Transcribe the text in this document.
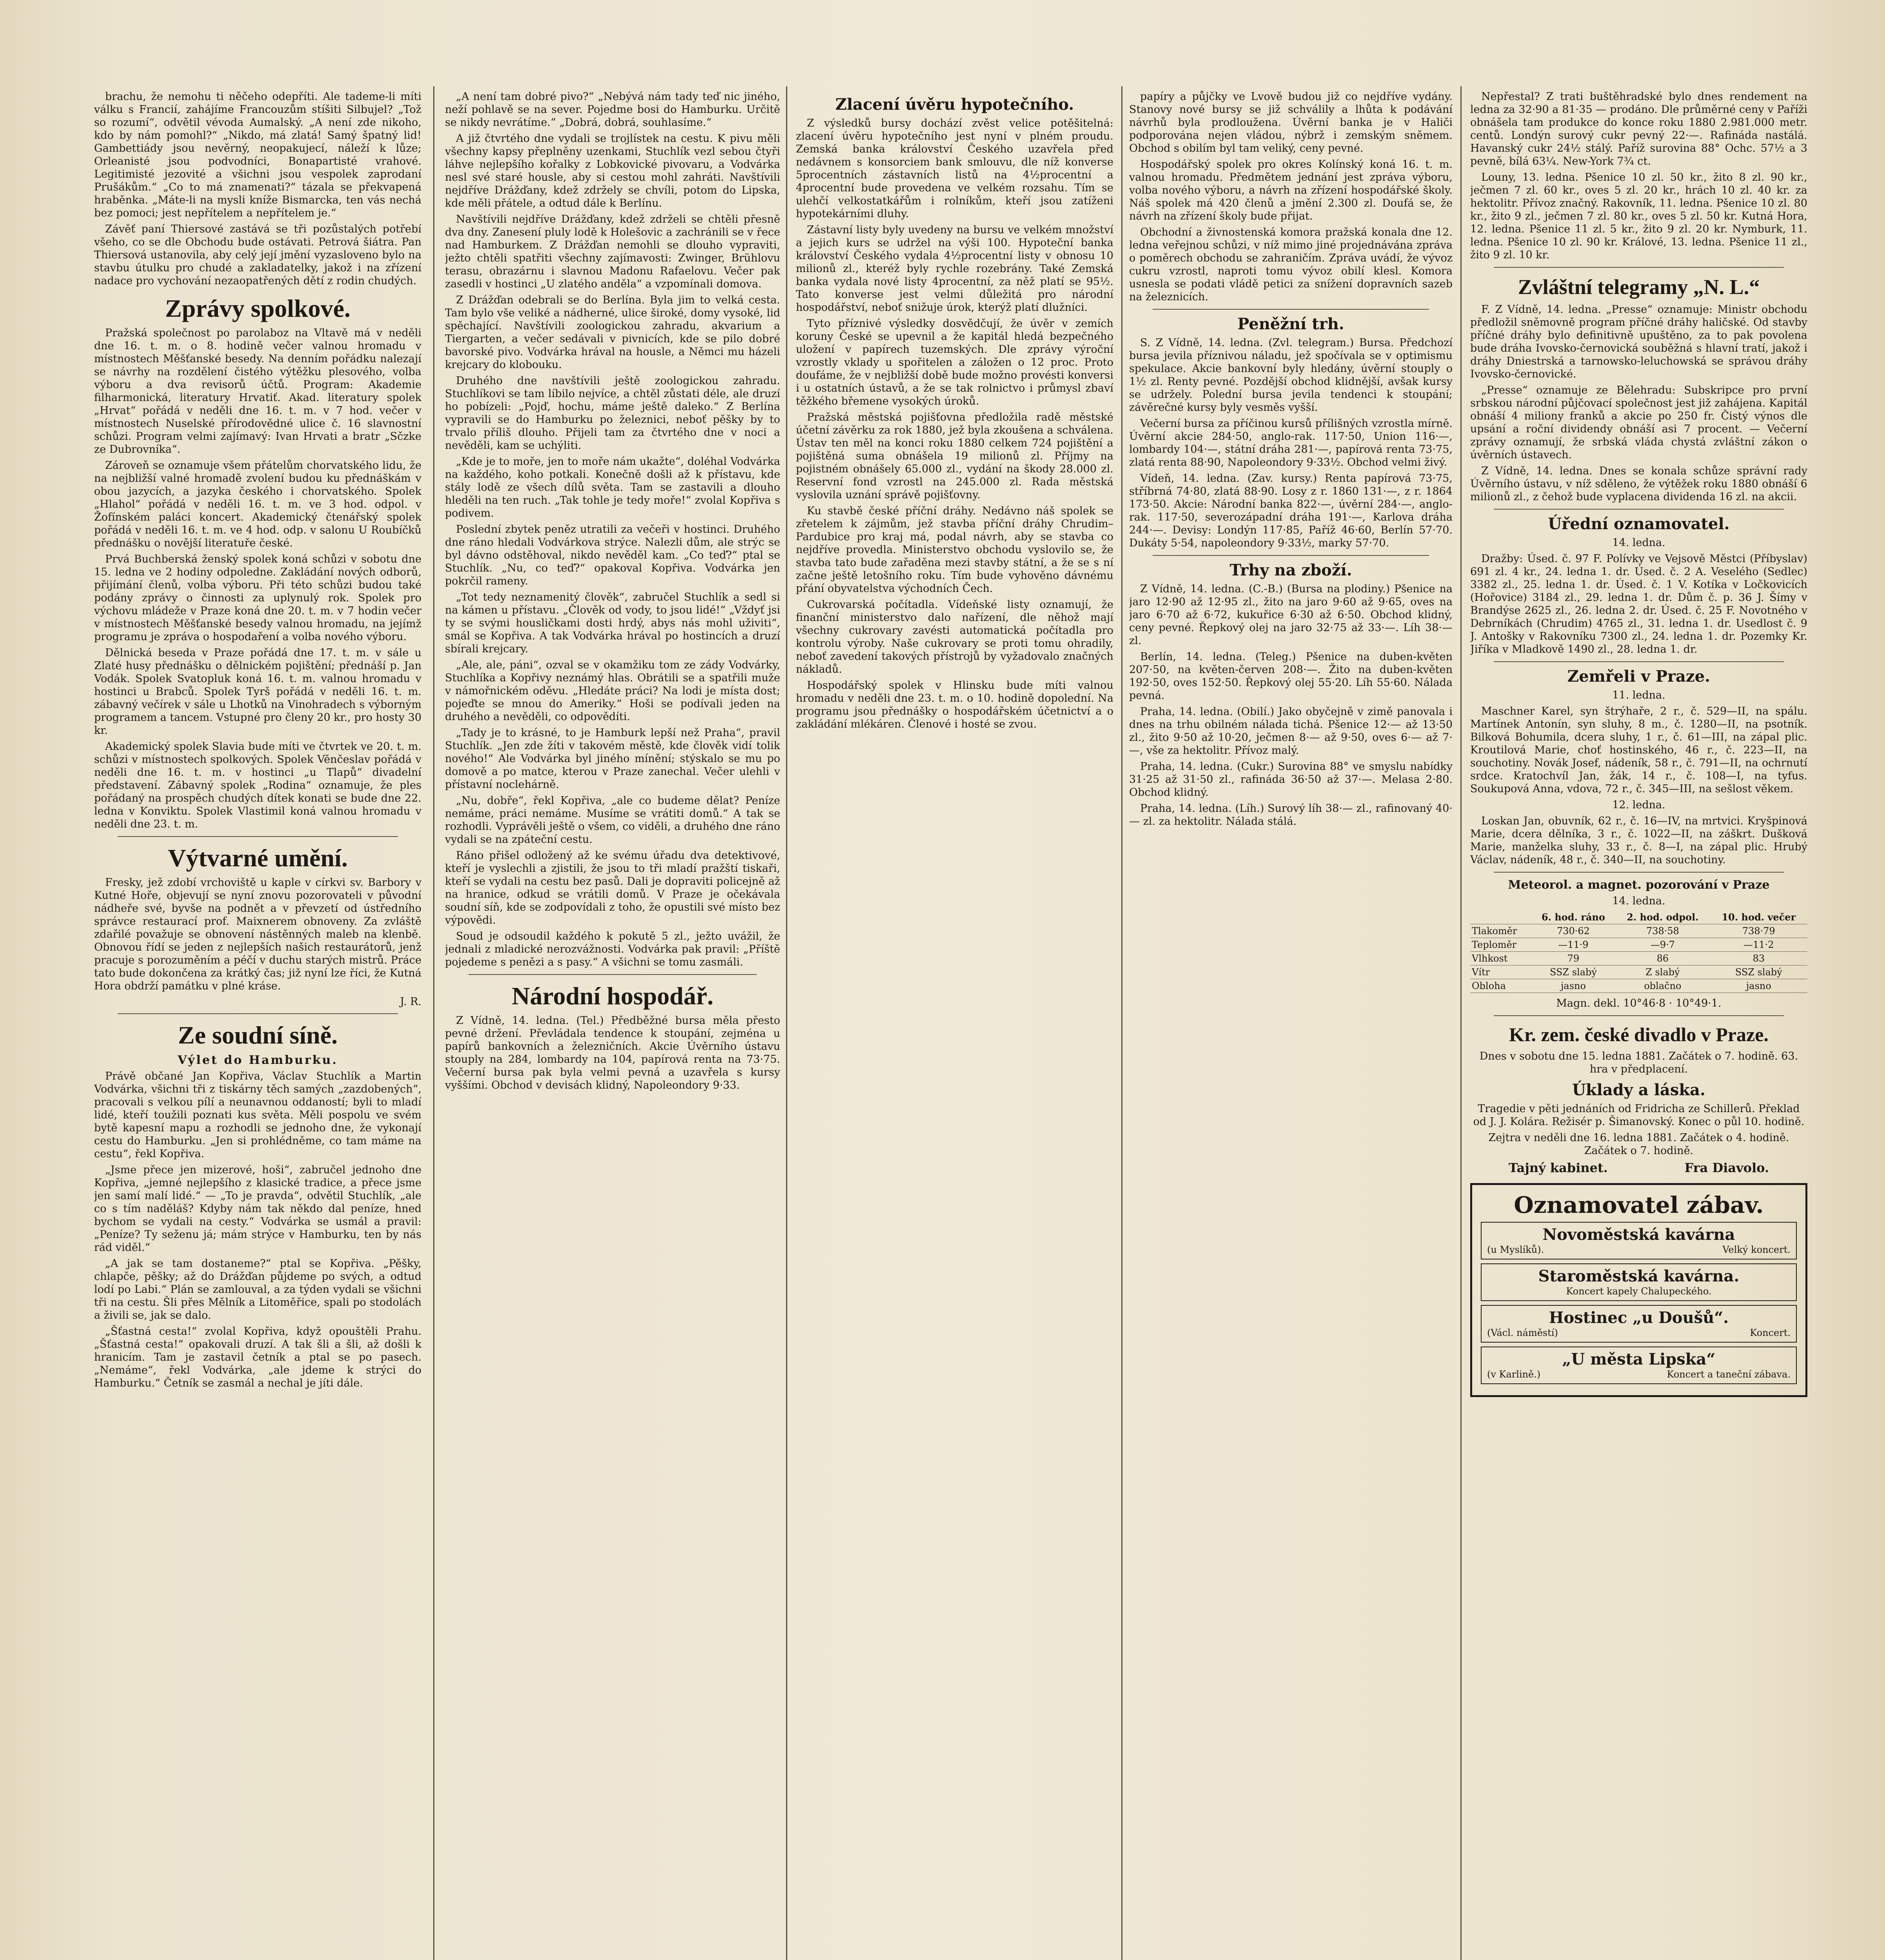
brachu, že nemohu ti něčeho odepříti. Ale tademe-li míti válku s Francií, zahájíme Francouzům stíšiti Silbujel? „Tož so rozumí“, odvětil vévoda Aumalský. „A není zde nikoho, kdo by nám pomohl?“ „Nikdo, má zlatá! Samý špatný lid! Gambettiády jsou nevěrný, neopakujecí, náleží k lůze; Orleanisté jsou podvodníci, Bonapartisté vrahové. Legitimisté jezovité a všichni jsou vespolek zaprodaní Prušákům.“ „Co to má znamenati?“ tázala se překvapená hraběnka. „Máte-li na mysli kníže Bismarcka, ten vás nechá bez pomoci; jest nepřítelem a nepřítelem je.“

Závěť paní Thiersové zastává se tři pozůstalých potřebí všeho, co se dle Obchodu bude ostávati. Petrová šiátra. Pan Thiersová ustanovila, aby celý její jmění vyzasloveno bylo na stavbu útulku pro chudé a zakladatelky, jakož i na zřízení nadace pro vychování nezaopatřených dětí z rodin chudých.

Zprávy spolkové.

Pražská společnost po parolaboz na Vltavě má v neděli dne 16. t. m. o 8. hodině večer valnou hromadu v místnostech Měšťanské besedy. Na denním pořádku nalezají se návrhy na rozdělení čistého výtěžku plesového, volba výboru a dva revisorů účtů. Program: Akademie filharmonická, literatury Hrvatiť. Akad. literatury spolek „Hrvat“ pořádá v neděli dne 16. t. m. v 7 hod. večer v místnostech Nuselské přírodovědné ulice č. 16 slavnostní schůzi. Program velmi zajímavý: Ivan Hrvati a bratr „Sčzke ze Dubrovníka“.

Zároveň se oznamuje všem přátelům chorvatského lidu, že na nejbližší valné hromadě zvolení budou ku přednáškám v obou jazycích, a jazyka českého i chorvatského. Spolek „Hlahol“ pořádá v neděli 16. t. m. ve 3 hod. odpol. v Žofínském paláci koncert. Akademický čtenářský spolek pořádá v neděli 16. t. m. ve 4 hod. odp. v salonu U Roubíčků přednášku o novější literatuře české.

Prvá Buchberská ženský spolek koná schůzi v sobotu dne 15. ledna ve 2 hodiny odpoledne. Zakládání nových odborů, přijímání členů, volba výboru. Při této schůzi budou také podány zprávy o činnosti za uplynulý rok. Spolek pro výchovu mládeže v Praze koná dne 20. t. m. v 7 hodin večer v místnostech Měšťanské besedy valnou hromadu, na jejímž programu je zpráva o hospodaření a volba nového výboru.

Dělnická beseda v Praze pořádá dne 17. t. m. v sále u Zlaté husy přednášku o dělnickém pojištění; přednáší p. Jan Vodák. Spolek Svatopluk koná 16. t. m. valnou hromadu v hostinci u Brabců. Spolek Tyrš pořádá v neděli 16. t. m. zábavný večírek v sále u Lhotků na Vinohradech s výborným programem a tancem. Vstupné pro členy 20 kr., pro hosty 30 kr.

Akademický spolek Slavia bude míti ve čtvrtek ve 20. t. m. schůzi v místnostech spolkových. Spolek Věnčeslav pořádá v neděli dne 16. t. m. v hostinci „u Tlapů“ divadelní představení. Zábavný spolek „Rodina“ oznamuje, že ples pořádaný na prospěch chudých dítek konati se bude dne 22. ledna v Konviktu. Spolek Vlastimil koná valnou hromadu v neděli dne 23. t. m.

Výtvarné umění.

Fresky, jež zdobí vrchoviště u kaple v církvi sv. Barbory v Kutné Hoře, objevují se nyní znovu pozorovateli v původní nádheře své, byvše na podnět a v převzetí od ústředního správce restaurací prof. Maixnerem obnoveny. Za zvláště zdařilé považuje se obnovení nástěnných maleb na klenbě. Obnovou řídí se jeden z nejlepších našich restaurátorů, jenž pracuje s porozuměním a péčí v duchu starých mistrů. Práce tato bude dokončena za krátký čas; již nyní lze říci, že Kutná Hora obdrží památku v plné kráse.

J. R.
Ze soudní síně.
Výlet do Hamburku.

Právě občané Jan Kopřiva, Václav Stuchlík a Martin Vodvárka, všichni tři z tiskárny těch samých „zazdobených“, pracovali s velkou pílí a neunavnou oddaností; byli to mladí lidé, kteří toužili poznati kus světa. Měli pospolu ve svém bytě kapesní mapu a rozhodli se jednoho dne, že vykonají cestu do Hamburku. „Jen si prohlédněme, co tam máme na cestu“, řekl Kopřiva.

„Jsme přece jen mizerové, hoši“, zabručel jednoho dne Kopřiva, „jemné nejlepšího z klasické tradice, a přece jsme jen samí malí lidé.“ — „To je pravda“, odvětil Stuchlík, „ale co s tím naděláš? Kdyby nám tak někdo dal peníze, hned bychom se vydali na cesty.“ Vodvárka se usmál a pravil: „Peníze? Ty seženu já; mám strýce v Hamburku, ten by nás rád viděl.“

„A jak se tam dostaneme?“ ptal se Kopřiva. „Pěšky, chlapče, pěšky; až do Drážďan půjdeme po svých, a odtud lodí po Labi.“ Plán se zamlouval, a za týden vydali se všichni tři na cestu. Šli přes Mělník a Litoměřice, spali po stodolách a živili se, jak se dalo.

„Šťastná cesta!“ zvolal Kopřiva, když opouštěli Prahu. „Šťastná cesta!“ opakovali druzí. A tak šli a šli, až došli k hranicím. Tam je zastavil četník a ptal se po pasech. „Nemáme“, řekl Vodvárka, „ale jdeme k strýci do Hamburku.“ Četník se zasmál a nechal je jíti dále.

„A není tam dobré pivo?“ „Nebývá nám tady teď nic jiného, neží pohlavě se na sever. Pojedme bosi do Hamburku. Určitě se nikdy nevrátíme.“ „Dobrá, dobrá, souhlasíme.“

A již čtvrtého dne vydali se trojlístek na cestu. K pivu měli všechny kapsy přeplněny uzenkami, Stuchlík vezl sebou čtyři láhve nejlepšího kořalky z Lobkovické pivovaru, a Vodvárka nesl své staré housle, aby si cestou mohl zahráti. Navštívili nejdříve Drážďany, kdež zdržely se chvíli, potom do Lipska, kde měli přátele, a odtud dále k Berlínu.

Navštívili nejdříve Drážďany, kdež zdrželi se chtěli přesně dva dny. Zanesení pluly lodě k Holešovic a zachránili se v řece nad Hamburkem. Z Drážďan nemohli se dlouho vypraviti, ježto chtěli spatřiti všechny zajímavosti: Zwinger, Brühlovu terasu, obrazárnu i slavnou Madonu Rafaelovu. Večer pak zasedli v hostinci „U zlatého anděla“ a vzpomínali domova.

Z Drážďan odebrali se do Berlína. Byla jim to velká cesta. Tam bylo vše veliké a nádherné, ulice široké, domy vysoké, lid spěchající. Navštívili zoologickou zahradu, akvarium a Tiergarten, a večer sedávali v pivnicích, kde se pilo dobré bavorské pivo. Vodvárka hrával na housle, a Němci mu házeli krejcary do klobouku.

Druhého dne navštívili ještě zoologickou zahradu. Stuchlíkovi se tam líbilo nejvíce, a chtěl zůstati déle, ale druzí ho pobízeli: „Pojď, hochu, máme ještě daleko.“ Z Berlína vypravili se do Hamburku po železnici, neboť pěšky by to trvalo příliš dlouho. Přijeli tam za čtvrtého dne v noci a nevěděli, kam se uchýliti.

„Kde je to moře, jen to moře nám ukažte“, doléhal Vodvárka na každého, koho potkali. Konečně došli až k přístavu, kde stály lodě ze všech dílů světa. Tam se zastavili a dlouho hleděli na ten ruch. „Tak tohle je tedy moře!“ zvolal Kopřiva s podivem.

Poslední zbytek peněz utratili za večeři v hostinci. Druhého dne ráno hledali Vodvárkova strýce. Nalezli dům, ale strýc se byl dávno odstěhoval, nikdo nevěděl kam. „Co teď?“ ptal se Stuchlík. „Nu, co teď?“ opakoval Kopřiva. Vodvárka jen pokrčil rameny.

„Tot tedy neznamenitý člověk“, zabručel Stuchlík a sedl si na kámen u přístavu. „Člověk od vody, to jsou lidé!“ „Vždyť jsi ty se svými housličkami dosti hrdý, abys nás mohl uživiti“, smál se Kopřiva. A tak Vodvárka hrával po hostincích a druzí sbírali krejcary.

„Ale, ale, páni“, ozval se v okamžiku tom ze zády Vodvárky, Stuchlíka a Kopřivy neznámý hlas. Obrátili se a spatřili muže v námořnickém oděvu. „Hledáte práci? Na lodi je místa dost; pojeďte se mnou do Ameriky.“ Hoši se podívali jeden na druhého a nevěděli, co odpovědíti.

„Tady je to krásné, to je Hamburk lepší než Praha“, pravil Stuchlík. „Jen zde žíti v takovém městě, kde člověk vidí tolik nového!“ Ale Vodvárka byl jiného mínění; stýskalo se mu po domově a po matce, kterou v Praze zanechal. Večer ulehli v přístavní noclehárně.

„Nu, dobře“, řekl Kopřiva, „ale co budeme dělat? Peníze nemáme, práci nemáme. Musíme se vrátiti domů.“ A tak se rozhodli. Vyprávěli ještě o všem, co viděli, a druhého dne ráno vydali se na zpáteční cestu.

Ráno přišel odložený až ke svému úřadu dva detektivové, kteří je vyslechli a zjistili, že jsou to tři mladí pražští tiskaři, kteří se vydali na cestu bez pasů. Dali je dopraviti policejně až na hranice, odkud se vrátili domů. V Praze je očekávala soudní síň, kde se zodpovídali z toho, že opustili své místo bez výpovědi.

Soud je odsoudil každého k pokutě 5 zl., ježto uvážil, že jednali z mladické nerozvážnosti. Vodvárka pak pravil: „Příště pojedeme s penězi a s pasy.“ A všichni se tomu zasmáli.

Národní hospodář.

Z Vídně, 14. ledna. (Tel.) Předběžné bursa měla přesto pevné držení. Převládala tendence k stoupání, zejména u papírů bankovních a železničních. Akcie Úvěrního ústavu stouply na 284, lombardy na 104, papírová renta na 73·75. Večerní bursa pak byla velmi pevná a uzavřela s kursy vyššími. Obchod v devisách klidný, Napoleondory 9·33.

Zlacení úvěru hypotečního.

Z výsledků bursy dochází zvěst velice potěšitelná: zlacení úvěru hypotečního jest nyní v plném proudu. Zemská banka království Českého uzavřela před nedávnem s konsorciem bank smlouvu, dle níž konverse 5procentních zástavních listů na 4½procentní a 4procentní bude provedena ve velkém rozsahu. Tím se ulehčí velkostatkářům i rolníkům, kteří jsou zatíženi hypotekárními dluhy.

Zástavní listy byly uvedeny na bursu ve velkém množství a jejich kurs se udržel na výši 100. Hypoteční banka království Českého vydala 4½procentní listy v obnosu 10 milionů zl., kteréž byly rychle rozebrány. Také Zemská banka vydala nové listy 4procentní, za něž platí se 95½. Tato konverse jest velmi důležitá pro národní hospodářství, neboť snižuje úrok, kterýž platí dlužníci.

Tyto příznivé výsledky dosvědčují, že úvěr v zemích koruny České se upevnil a že kapitál hledá bezpečného uložení v papírech tuzemských. Dle zprávy výroční vzrostly vklady u spořitelen a záložen o 12 proc. Proto doufáme, že v nejbližší době bude možno provésti konversi i u ostatních ústavů, a že se tak rolnictvo i průmysl zbaví těžkého břemene vysokých úroků.

Pražská městská pojišťovna předložila radě městské účetní závěrku za rok 1880, jež byla zkoušena a schválena. Ústav ten měl na konci roku 1880 celkem 724 pojištění a pojištěná suma obnášela 19 milionů zl. Příjmy na pojistném obnášely 65.000 zl., vydání na škody 28.000 zl. Reservní fond vzrostl na 245.000 zl. Rada městská vyslovila uznání správě pojišťovny.

Ku stavbě české příční dráhy. Nedávno náš spolek se zřetelem k zájmům, jež stavba příční dráhy Chrudim–Pardubice pro kraj má, podal návrh, aby se stavba co nejdříve provedla. Ministerstvo obchodu vyslovilo se, že stavba tato bude zařaděna mezi stavby státní, a že se s ní začne ještě letošního roku. Tím bude vyhověno dávnému přání obyvatelstva východních Čech.

Cukrovarská počítadla. Vídeňské listy oznamují, že finanční ministerstvo dalo nařízení, dle něhož mají všechny cukrovary zavésti automatická počítadla pro kontrolu výroby. Naše cukrovary se proti tomu ohradily, neboť zavedení takových přístrojů by vyžadovalo značných nákladů.

Hospodářský spolek v Hlinsku bude míti valnou hromadu v neděli dne 23. t. m. o 10. hodině dopolední. Na programu jsou přednášky o hospodářském účetnictví a o zakládání mlékáren. Členové i hosté se zvou.

papíry a půjčky ve Lvově budou již co nejdříve vydány. Stanovy nové bursy se již schválily a lhůta k podávání návrhů byla prodloužena. Úvěrní banka je v Haliči podporována nejen vládou, nýbrž i zemským sněmem. Obchod s obilím byl tam veliký, ceny pevné.

Hospodářský spolek pro okres Kolínský koná 16. t. m. valnou hromadu. Předmětem jednání jest zpráva výboru, volba nového výboru, a návrh na zřízení hospodářské školy. Náš spolek má 420 členů a jmění 2.300 zl. Doufá se, že návrh na zřízení školy bude přijat.

Obchodní a živnostenská komora pražská konala dne 12. ledna veřejnou schůzi, v níž mimo jiné projednávána zpráva o poměrech obchodu se zahraničím. Zpráva uvádí, že vývoz cukru vzrostl, naproti tomu vývoz obilí klesl. Komora usnesla se podati vládě petici za snížení dopravních sazeb na železnicích.

Peněžní trh.

S. Z Vídně, 14. ledna. (Zvl. telegram.) Bursa. Předchozí bursa jevila příznivou náladu, jež spočívala se v optimismu spekulace. Akcie bankovní byly hledány, úvěrní stouply o 1½ zl. Renty pevné. Pozdější obchod klidnější, avšak kursy se udržely. Polední bursa jevila tendenci k stoupání; závěrečné kursy byly vesměs vyšší.

Večerní bursa za příčinou kursů přílišných vzrostla mírně. Úvěrní akcie 284·50, anglo-rak. 117·50, Union 116·—, lombardy 104·—, státní dráha 281·—, papírová renta 73·75, zlatá renta 88·90, Napoleondory 9·33½. Obchod velmi živý.

Vídeň, 14. ledna. (Zav. kursy.) Renta papírová 73·75, stříbrná 74·80, zlatá 88·90. Losy z r. 1860 131·—, z r. 1864 173·50. Akcie: Národní banka 822·—, úvěrní 284·—, anglo-rak. 117·50, severozápadní dráha 191·—, Karlova dráha 244·—. Devisy: Londýn 117·85, Paříž 46·60, Berlín 57·70. Dukáty 5·54, napoleondory 9·33½, marky 57·70.

Trhy na zboží.

Z Vídně, 14. ledna. (C.-B.) (Bursa na plodiny.) Pšenice na jaro 12·90 až 12·95 zl., žito na jaro 9·60 až 9·65, oves na jaro 6·70 až 6·72, kukuřice 6·30 až 6·50. Obchod klidný, ceny pevné. Řepkový olej na jaro 32·75 až 33·—. Líh 38·— zl.

Berlín, 14. ledna. (Teleg.) Pšenice na duben-květen 207·50, na květen-červen 208·—. Žito na duben-květen 192·50, oves 152·50. Řepkový olej 55·20. Líh 55·60. Nálada pevná.

Praha, 14. ledna. (Obilí.) Jako obyčejně v zimě panovala i dnes na trhu obilném nálada tichá. Pšenice 12·— až 13·50 zl., žito 9·50 až 10·20, ječmen 8·— až 9·50, oves 6·— až 7·—, vše za hektolitr. Přívoz malý.

Praha, 14. ledna. (Cukr.) Surovina 88° ve smyslu nabídky 31·25 až 31·50 zl., rafináda 36·50 až 37·—. Melasa 2·80. Obchod klidný.

Praha, 14. ledna. (Líh.) Surový líh 38·— zl., rafinovaný 40·— zl. za hektolitr. Nálada stálá.

Nepřestal? Z trati buštěhradské bylo dnes rendement na ledna za 32·90 a 81·35 — prodáno. Dle průměrné ceny v Paříži obnášela tam produkce do konce roku 1880 2.981.000 metr. centů. Londýn surový cukr pevný 22·—. Rafináda nastálá. Havanský cukr 24½ stálý. Paříž surovina 88° Ochc. 57½ a 3 pevně, bílá 63¼. New-York 7¾ ct.

Louny, 13. ledna. Pšenice 10 zl. 50 kr., žito 8 zl. 90 kr., ječmen 7 zl. 60 kr., oves 5 zl. 20 kr., hrách 10 zl. 40 kr. za hektolitr. Přívoz značný. Rakovník, 11. ledna. Pšenice 10 zl. 80 kr., žito 9 zl., ječmen 7 zl. 80 kr., oves 5 zl. 50 kr. Kutná Hora, 12. ledna. Pšenice 11 zl. 5 kr., žito 9 zl. 20 kr. Nymburk, 11. ledna. Pšenice 10 zl. 90 kr. Králové, 13. ledna. Pšenice 11 zl., žito 9 zl. 10 kr.

Zvláštní telegramy „N. L.“

F. Z Vídně, 14. ledna. „Presse“ oznamuje: Ministr obchodu předložil sněmovně program příčné dráhy haličské. Od stavby příčné dráhy bylo definitivně upuštěno, za to pak povolena bude dráha Ivovsko-černovická souběžná s hlavní tratí, jakož i dráhy Dniestrská a tarnowsko-leluchowská se správou dráhy Ivovsko-černovické.

„Presse“ oznamuje ze Bělehradu: Subskripce pro první srbskou národní půjčovací společnost jest již zahájena. Kapitál obnáší 4 miliony franků a akcie po 250 fr. Čistý výnos dle upsání a roční dividendy obnáší asi 7 procent. — Večerní zprávy oznamují, že srbská vláda chystá zvláštní zákon o úvěrních ústavech.

Z Vídně, 14. ledna. Dnes se konala schůze správní rady Úvěrního ústavu, v níž sděleno, že výtěžek roku 1880 obnáší 6 milionů zl., z čehož bude vyplacena dividenda 16 zl. na akcii.

Úřední oznamovatel.

14. ledna.

Dražby: Úsed. č. 97 F. Polívky ve Vejsově Městci (Příbyslav) 691 zl. 4 kr., 24. ledna 1. dr. Úsed. č. 2 A. Veselého (Sedlec) 3382 zl., 25. ledna 1. dr. Úsed. č. 1 V. Kotíka v Ločkovicích (Hořovice) 3184 zl., 29. ledna 1. dr. Dům č. p. 36 J. Šímy v Brandýse 2625 zl., 26. ledna 2. dr. Úsed. č. 25 F. Novotného v Debrníkách (Chrudim) 4765 zl., 31. ledna 1. dr. Usedlost č. 9 J. Antošky v Rakovníku 7300 zl., 24. ledna 1. dr. Pozemky Kr. Jiříka v Mladkově 1490 zl., 28. ledna 1. dr.

Zemřeli v Praze.

11. ledna.

Maschner Karel, syn štrýhaře, 2 r., č. 529—II, na spálu. Martínek Antonín, syn sluhy, 8 m., č. 1280—II, na psotník. Bilková Bohumila, dcera sluhy, 1 r., č. 61—III, na zápal plic. Kroutilová Marie, choť hostinského, 46 r., č. 223—II, na souchotiny. Novák Josef, nádeník, 58 r., č. 791—II, na ochrnutí srdce. Kratochvíl Jan, žák, 14 r., č. 108—I, na tyfus. Soukupová Anna, vdova, 72 r., č. 345—III, na sešlost věkem.

12. ledna.

Loskan Jan, obuvník, 62 r., č. 16—IV, na mrtvici. Kryšpinová Marie, dcera dělníka, 3 r., č. 1022—II, na záškrt. Dušková Marie, manželka sluhy, 33 r., č. 8—I, na zápal plic. Hrubý Václav, nádeník, 48 r., č. 340—II, na souchotiny.

Meteorol. a magnet. pozorování v Praze

14. ledna.

	6. hod. ráno	2. hod. odpol.	10. hod. večer
Tlakoměr	730·62	738·58	738·79
Teploměr	—11·9	—9·7	—11·2
Vlhkost	79	86	83
Vítr	SSZ slabý	Z slabý	SSZ slabý
Obloha	jasno	oblačno	jasno

Magn. dekl. 10°46·8 · 10°49·1.

Kr. zem. české divadlo v Praze.

Dnes v sobotu dne 15. ledna 1881. Začátek o 7. hodině. 63. hra v předplacení.

Úklady a láska.

Tragedie v pěti jednáních od Fridricha ze Schillerů. Překlad od J. J. Kolára. Režisér p. Šimanovský. Konec o půl 10. hodině.

Zejtra v neděli dne 16. ledna 1881. Začátek o 4. hodině. Začátek o 7. hodině.

Tajný kabinet.	Fra Diavolo.
Oznamovatel zábav.
Novoměstská kavárna
(u Myslíků).	Velký koncert.
Staroměstská kavárna.
Koncert kapely Chalupeckého.
Hostinec „u Doušů“.
(Václ. náměstí)	Koncert.
„U města Lipska“
(v Karlině.)	Koncert a taneční zábava.
